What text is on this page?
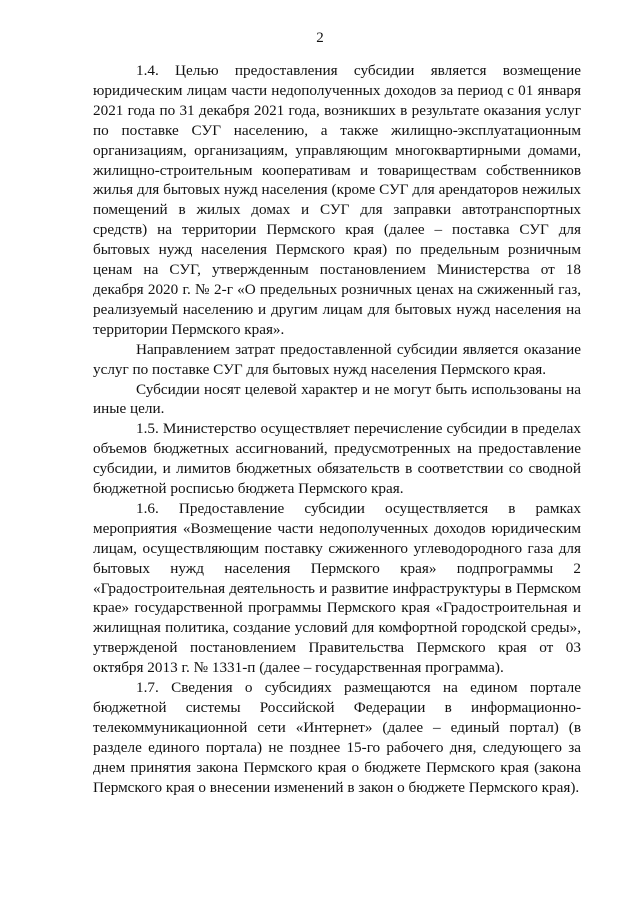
2

1.4. Целью предоставления субсидии является возмещение юридическим лицам части недополученных доходов за период с 01 января 2021 года по 31 декабря 2021 года, возникших в результате оказания услуг по поставке СУГ населению, а также жилищно-эксплуатационным организациям, организациям, управляющим многоквартирными домами, жилищно-строительным кооперативам и товариществам собственников жилья для бытовых нужд населения (кроме СУГ для арендаторов нежилых помещений в жилых домах и СУГ для заправки автотранспортных средств) на территории Пермского края (далее – поставка СУГ для бытовых нужд населения Пермского края) по предельным розничным ценам на СУГ, утвержденным постановлением Министерства от 18 декабря 2020 г. № 2-г «О предельных розничных ценах на сжиженный газ, реализуемый населению и другим лицам для бытовых нужд населения на территории Пермского края».

Направлением затрат предоставленной субсидии является оказание услуг по поставке СУГ для бытовых нужд населения Пермского края.

Субсидии носят целевой характер и не могут быть использованы на иные цели.

1.5. Министерство осуществляет перечисление субсидии в пределах объемов бюджетных ассигнований, предусмотренных на предоставление субсидии, и лимитов бюджетных обязательств в соответствии со сводной бюджетной росписью бюджета Пермского края.

1.6. Предоставление субсидии осуществляется в рамках мероприятия «Возмещение части недополученных доходов юридическим лицам, осуществляющим поставку сжиженного углеводородного газа для бытовых нужд населения Пермского края» подпрограммы 2 «Градостроительная деятельность и развитие инфраструктуры в Пермском крае» государственной программы Пермского края «Градостроительная и жилищная политика, создание условий для комфортной городской среды», утвержденой постановлением Правительства Пермского края от 03 октября 2013 г. № 1331-п (далее – государственная программа).

1.7. Сведения о субсидиях размещаются на едином портале бюджетной системы Российской Федерации в информационно-телекоммуникационной сети «Интернет» (далее – единый портал) (в разделе единого портала) не позднее 15-го рабочего дня, следующего за днем принятия закона Пермского края о бюджете Пермского края (закона Пермского края о внесении изменений в закон о бюджете Пермского края).
